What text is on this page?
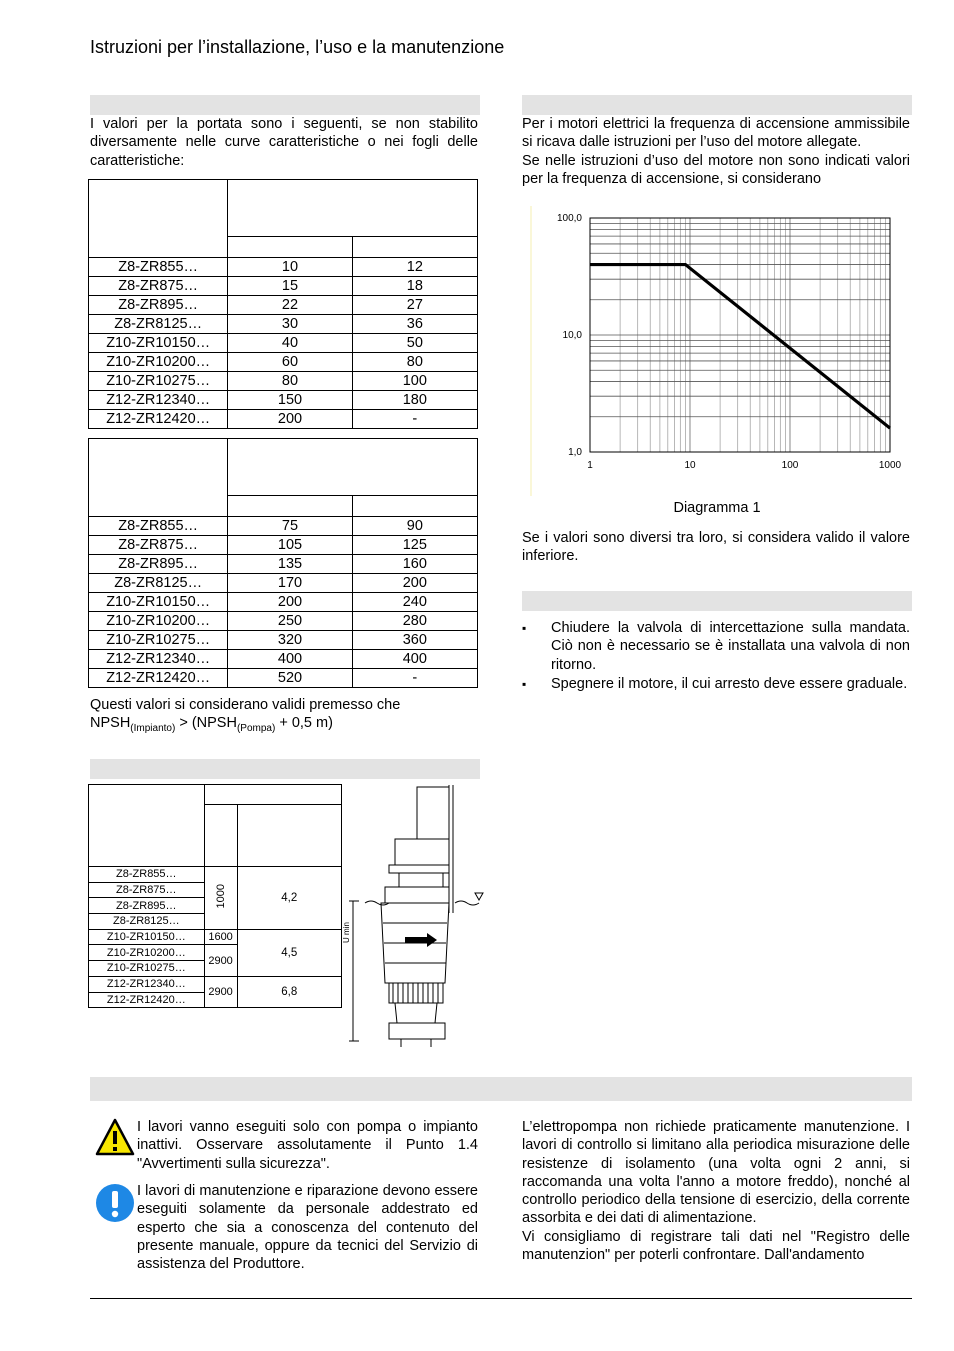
Istruzioni per l’installazione, l’uso e la manutenzione

I valori per la portata sono i seguenti, se non stabilito diversamente nelle curve caratteristiche o nei fogli delle caratteristiche:

Z8-ZR855…	10	12
Z8-ZR875…	15	18
Z8-ZR895…	22	27
Z8-ZR8125…	30	36
Z10-ZR10150…	40	50
Z10-ZR10200…	60	80
Z10-ZR10275…	80	100
Z12-ZR12340…	150	180
Z12-ZR12420…	200	-

Z8-ZR855…	75	90
Z8-ZR875…	105	125
Z8-ZR895…	135	160
Z8-ZR8125…	170	200
Z10-ZR10150…	200	240
Z10-ZR10200…	250	280
Z10-ZR10275…	320	360
Z12-ZR12340…	400	400
Z12-ZR12420…	520	-

Questi valori si considerano validi premesso che

$NPSH_{(Impianto)}$ > ($NPSH_{(Pompa)} + 0,5$ m)

Z8-ZR855…	1000	4,2
Z8-ZR875…		
Z8-ZR895…		
Z8-ZR8125…		
Z10-ZR10150…	1600	4,5
Z10-ZR10200…	2900	
Z10-ZR10275…		
Z12-ZR12340…	2900	6,8
Z12-ZR12420…		
U min

Per i motori elettrici la frequenza di accensione ammissibile si ricava dalle istruzioni per l’uso del motore allegate.

Se nelle istruzioni d’uso del motore non sono indicati valori per la frequenza di accensione, si considerano

1	10	100	1000
1,0
10,0
100,0
Diagramma 1

Se i valori sono diversi tra loro, si considera valido il valore inferiore.

▪ Chiudere la valvola di intercettazione sulla mandata. Ciò non è necessario se è installata una valvola di non ritorno.
▪ Spegnere il motore, il cui arresto deve essere graduale.

I lavori vanno eseguiti solo con pompa o impianto inattivi. Osservare assolutamente il Punto 1.4 "Avvertimenti sulla sicurezza".

I lavori di manutenzione e riparazione devono essere eseguiti solamente da personale addestrato ed esperto che sia a conoscenza del contenuto del presente manuale, oppure da tecnici del Servizio di assistenza del Produttore.

L’elettropompa non richiede praticamente manutenzione. I lavori di controllo si limitano alla periodica misurazione delle resistenze di isolamento (una volta ogni 2 anni, si raccomanda una volta l'anno a motore freddo), nonché al controllo periodico della tensione di esercizio, della corrente assorbita e dei dati di alimentazione.

Vi consigliamo di registrare tali dati nel "Registro delle manutenzion" per poterli confrontare. Dall'andamento
